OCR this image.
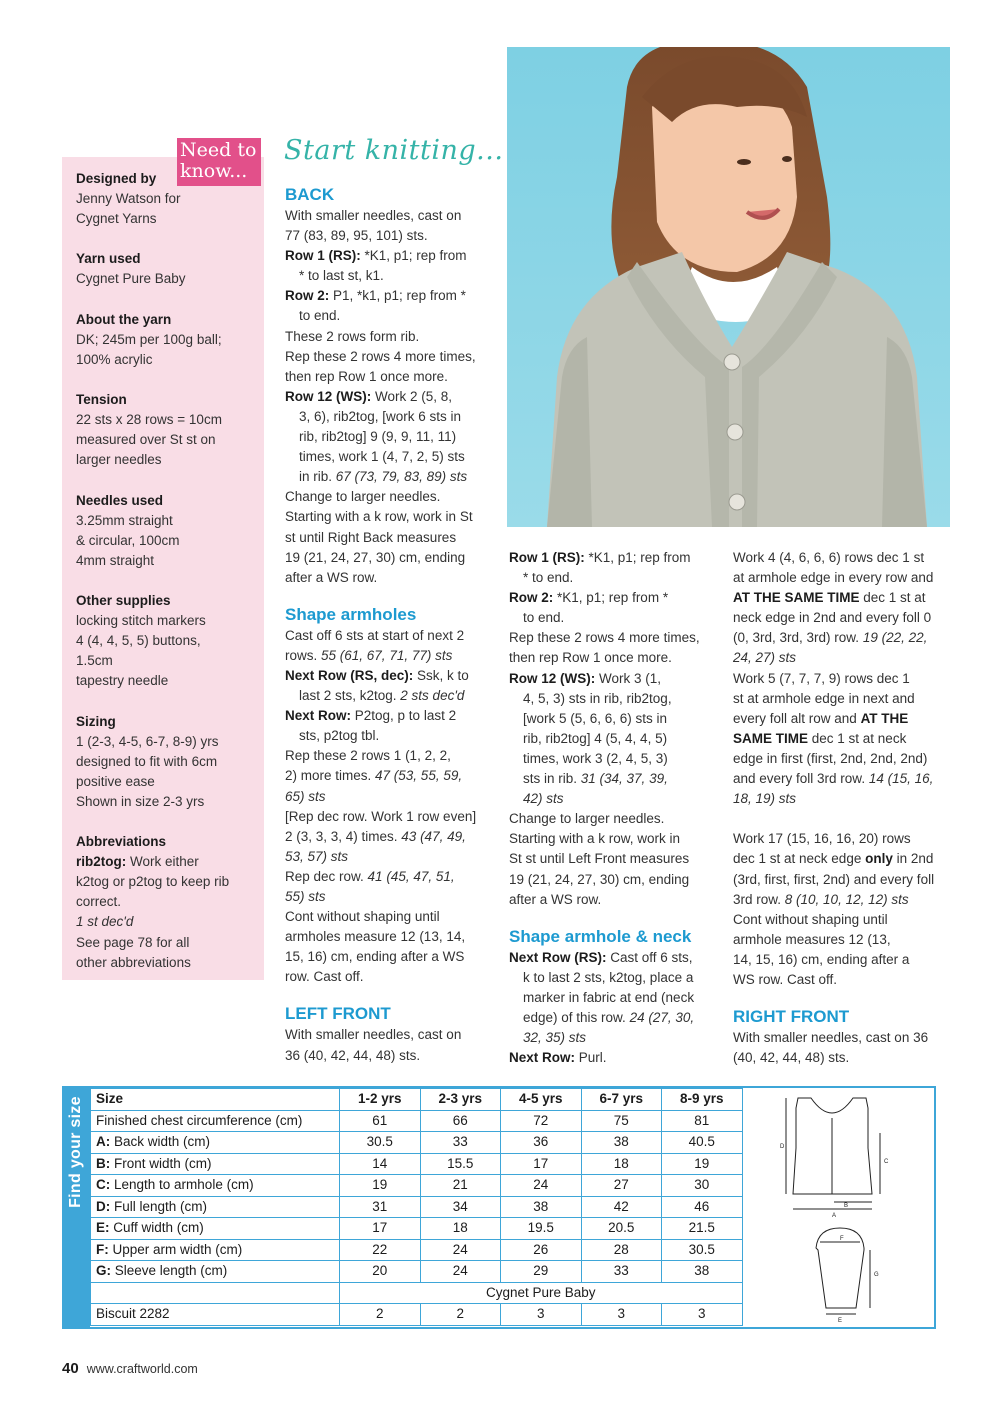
Designed by
Jenny Watson for
Cygnet Yarns
Yarn used
Cygnet Pure Baby
About the yarn
DK; 245m per 100g ball;
100% acrylic
Tension
22 sts x 28 rows = 10cm
measured over St st on
larger needles
Needles used
3.25mm straight
& circular, 100cm
4mm straight
Other supplies
locking stitch markers
4 (4, 4, 5, 5) buttons,
1.5cm
tapestry needle
Sizing
1 (2-3, 4-5, 6-7, 8-9) yrs
designed to fit with 6cm
positive ease
Shown in size 2-3 yrs
Abbreviations
rib2tog: Work either
k2tog or p2tog to keep rib
correct.
1 st dec'd
See page 78 for all
other abbreviations
Need to
know...
Start knitting...
BACK
With smaller needles, cast on
77 (83, 89, 95, 101) sts.
Row 1 (RS): *K1, p1; rep from
* to last st, k1.
Row 2: P1, *k1, p1; rep from *
to end.
These 2 rows form rib.
Rep these 2 rows 4 more times,
then rep Row 1 once more.
Row 12 (WS): Work 2 (5, 8,
3, 6), rib2tog, [work 6 sts in
rib, rib2tog] 9 (9, 9, 11, 11)
times, work 1 (4, 7, 2, 5) sts
in rib. 67 (73, 79, 83, 89) sts
Change to larger needles.
Starting with a k row, work in St
st until Right Back measures
19 (21, 24, 27, 30) cm, ending
after a WS row.
Shape armholes
Cast off 6 sts at start of next 2
rows. 55 (61, 67, 71, 77) sts
Next Row (RS, dec): Ssk, k to
last 2 sts, k2tog. 2 sts dec'd
Next Row: P2tog, p to last 2
sts, p2tog tbl.
Rep these 2 rows 1 (1, 2, 2,
2) more times. 47 (53, 55, 59,
65) sts
[Rep dec row. Work 1 row even]
2 (3, 3, 3, 4) times. 43 (47, 49,
53, 57) sts
Rep dec row. 41 (45, 47, 51,
55) sts
Cont without shaping until
armholes measure 12 (13, 14,
15, 16) cm, ending after a WS
row. Cast off.
LEFT FRONT
With smaller needles, cast on
36 (40, 42, 44, 48) sts.
Row 1 (RS): *K1, p1; rep from
* to end.
Row 2: *K1, p1; rep from *
to end.
Rep these 2 rows 4 more times,
then rep Row 1 once more.
Row 12 (WS): Work 3 (1,
4, 5, 3) sts in rib, rib2tog,
[work 5 (5, 6, 6, 6) sts in
rib, rib2tog] 4 (5, 4, 4, 5)
times, work 3 (2, 4, 5, 3)
sts in rib. 31 (34, 37, 39,
42) sts
Change to larger needles.
Starting with a k row, work in
St st until Left Front measures
19 (21, 24, 27, 30) cm, ending
after a WS row.
Shape armhole & neck
Next Row (RS): Cast off 6 sts,
k to last 2 sts, k2tog, place a
marker in fabric at end (neck
edge) of this row. 24 (27, 30,
32, 35) sts
Next Row: Purl.
Work 4 (4, 6, 6, 6) rows dec 1 st
at armhole edge in every row and
AT THE SAME TIME dec 1 st at
neck edge in 2nd and every foll 0
(0, 3rd, 3rd, 3rd) row. 19 (22, 22,
24, 27) sts
Work 5 (7, 7, 7, 9) rows dec 1
st at armhole edge in next and
every foll alt row and AT THE
SAME TIME dec 1 st at neck
edge in first (first, 2nd, 2nd, 2nd)
and every foll 3rd row. 14 (15, 16,
18, 19) sts
Work 17 (15, 16, 16, 20) rows
dec 1 st at neck edge only in 2nd
(3rd, first, first, 2nd) and every foll
3rd row. 8 (10, 10, 12, 12) sts
Cont without shaping until
armhole measures 12 (13,
14, 15, 16) cm, ending after a
WS row. Cast off.
RIGHT FRONT
With smaller needles, cast on 36
(40, 42, 44, 48) sts.
Find your size Size	1-2 yrs	2-3 yrs	4-5 yrs	6-7 yrs	8-9 yrs
Finished chest circumference (cm)	61	66	72	75	81
A: Back width (cm)	30.5	33	36	38	40.5
B: Front width (cm)	14	15.5	17	18	19
C: Length to armhole (cm)	19	21	24	27	30
D: Full length (cm)	31	34	38	42	46
E: Cuff width (cm)	17	18	19.5	20.5	21.5
F: Upper arm width (cm)	22	24	26	28	30.5
G: Sleeve length (cm)	20	24	29	33	38
	Cygnet Pure Baby				
Biscuit 2282	2	2	3	3	3
B
A
C
D
E
F
G
40 www.craftworld.com
